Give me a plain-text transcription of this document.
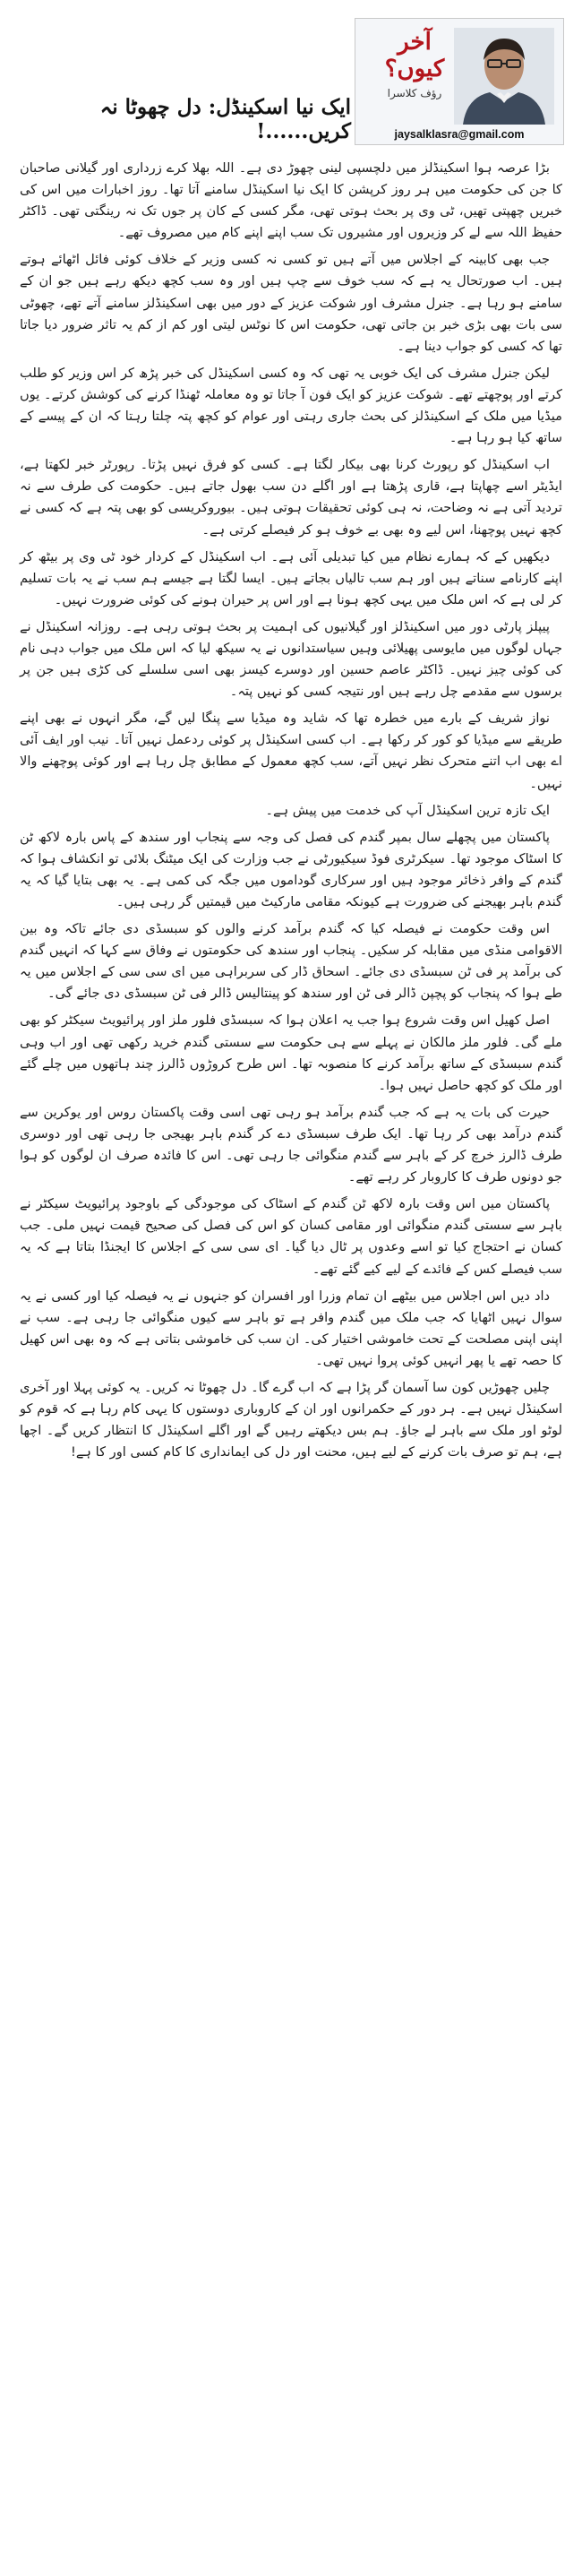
آخر کیوں؟
رؤف کلاسرا
jaysalklasra@gmail.com
ایک نیا اسکینڈل: دل چھوٹا نہ کریں......!

بڑا عرصہ ہوا اسکینڈلز میں دلچسپی لینی چھوڑ دی ہے۔ اللہ بھلا کرے زرداری اور گیلانی صاحبان کا جن کی حکومت میں ہر روز کرپشن کا ایک نیا اسکینڈل سامنے آتا تھا۔ روز اخبارات میں اس کی خبریں چھپتی تھیں، ٹی وی پر بحث ہوتی تھی، مگر کسی کے کان پر جوں تک نہ رینگتی تھی۔ ڈاکٹر حفیظ اللہ سے لے کر وزیروں اور مشیروں تک سب اپنے اپنے کام میں مصروف تھے۔

جب بھی کابینہ کے اجلاس میں آتے ہیں تو کسی نہ کسی وزیر کے خلاف کوئی فائل اٹھائے ہوتے ہیں۔ اب صورتحال یہ ہے کہ سب خوف سے چپ ہیں اور وہ سب کچھ دیکھ رہے ہیں جو ان کے سامنے ہو رہا ہے۔ جنرل مشرف اور شوکت عزیز کے دور میں بھی اسکینڈلز سامنے آتے تھے، چھوٹی سی بات بھی بڑی خبر بن جاتی تھی، حکومت اس کا نوٹس لیتی اور کم از کم یہ تاثر ضرور دیا جاتا تھا کہ کسی کو جواب دینا ہے۔

لیکن جنرل مشرف کی ایک خوبی یہ تھی کہ وہ کسی اسکینڈل کی خبر پڑھ کر اس وزیر کو طلب کرتے اور پوچھتے تھے۔ شوکت عزیز کو ایک فون آ جاتا تو وہ معاملہ ٹھنڈا کرنے کی کوشش کرتے۔ یوں میڈیا میں ملک کے اسکینڈلز کی بحث جاری رہتی اور عوام کو کچھ پتہ چلتا رہتا کہ ان کے پیسے کے ساتھ کیا ہو رہا ہے۔

اب اسکینڈل کو رپورٹ کرنا بھی بیکار لگتا ہے۔ کسی کو فرق نہیں پڑتا۔ رپورٹر خبر لکھتا ہے، ایڈیٹر اسے چھاپتا ہے، قاری پڑھتا ہے اور اگلے دن سب بھول جاتے ہیں۔ حکومت کی طرف سے نہ تردید آتی ہے نہ وضاحت، نہ ہی کوئی تحقیقات ہوتی ہیں۔ بیوروکریسی کو بھی پتہ ہے کہ کسی نے کچھ نہیں پوچھنا، اس لیے وہ بھی بے خوف ہو کر فیصلے کرتی ہے۔

دیکھیں کے کہ ہمارے نظام میں کیا تبدیلی آئی ہے۔ اب اسکینڈل کے کردار خود ٹی وی پر بیٹھ کر اپنے کارنامے سناتے ہیں اور ہم سب تالیاں بجاتے ہیں۔ ایسا لگتا ہے جیسے ہم سب نے یہ بات تسلیم کر لی ہے کہ اس ملک میں یہی کچھ ہونا ہے اور اس پر حیران ہونے کی کوئی ضرورت نہیں۔

پیپلز پارٹی دور میں اسکینڈلز اور گیلانیوں کی اہمیت پر بحث ہوتی رہی ہے۔ روزانہ اسکینڈل نے جہاں لوگوں میں مایوسی پھیلائی وہیں سیاستدانوں نے یہ سیکھ لیا کہ اس ملک میں جواب دہی نام کی کوئی چیز نہیں۔ ڈاکٹر عاصم حسین اور دوسرے کیسز بھی اسی سلسلے کی کڑی ہیں جن پر برسوں سے مقدمے چل رہے ہیں اور نتیجہ کسی کو نہیں پتہ۔

نواز شریف کے بارے میں خطرہ تھا کہ شاید وہ میڈیا سے پنگا لیں گے، مگر انہوں نے بھی اپنے طریقے سے میڈیا کو کور کر رکھا ہے۔ اب کسی اسکینڈل پر کوئی ردعمل نہیں آتا۔ نیب اور ایف آئی اے بھی اب اتنے متحرک نظر نہیں آتے، سب کچھ معمول کے مطابق چل رہا ہے اور کوئی پوچھنے والا نہیں۔

ایک تازہ ترین اسکینڈل آپ کی خدمت میں پیش ہے۔

پاکستان میں پچھلے سال بمپر گندم کی فصل کی وجہ سے پنجاب اور سندھ کے پاس بارہ لاکھ ٹن کا اسٹاک موجود تھا۔ سیکرٹری فوڈ سیکیورٹی نے جب وزارت کی ایک میٹنگ بلائی تو انکشاف ہوا کہ گندم کے وافر ذخائر موجود ہیں اور سرکاری گوداموں میں جگہ کی کمی ہے۔ یہ بھی بتایا گیا کہ یہ گندم باہر بھیجنے کی ضرورت ہے کیونکہ مقامی مارکیٹ میں قیمتیں گر رہی ہیں۔

اس وقت حکومت نے فیصلہ کیا کہ گندم برآمد کرنے والوں کو سبسڈی دی جائے تاکہ وہ بین الاقوامی منڈی میں مقابلہ کر سکیں۔ پنجاب اور سندھ کی حکومتوں نے وفاق سے کہا کہ انہیں گندم کی برآمد پر فی ٹن سبسڈی دی جائے۔ اسحاق ڈار کی سربراہی میں ای سی سی کے اجلاس میں یہ طے ہوا کہ پنجاب کو پچپن ڈالر فی ٹن اور سندھ کو پینتالیس ڈالر فی ٹن سبسڈی دی جائے گی۔

اصل کھیل اس وقت شروع ہوا جب یہ اعلان ہوا کہ سبسڈی فلور ملز اور پرائیویٹ سیکٹر کو بھی ملے گی۔ فلور ملز مالکان نے پہلے سے ہی حکومت سے سستی گندم خرید رکھی تھی اور اب وہی گندم سبسڈی کے ساتھ برآمد کرنے کا منصوبہ تھا۔ اس طرح کروڑوں ڈالرز چند ہاتھوں میں چلے گئے اور ملک کو کچھ حاصل نہیں ہوا۔

حیرت کی بات یہ ہے کہ جب گندم برآمد ہو رہی تھی اسی وقت پاکستان روس اور یوکرین سے گندم درآمد بھی کر رہا تھا۔ ایک طرف سبسڈی دے کر گندم باہر بھیجی جا رہی تھی اور دوسری طرف ڈالرز خرچ کر کے باہر سے گندم منگوائی جا رہی تھی۔ اس کا فائدہ صرف ان لوگوں کو ہوا جو دونوں طرف کا کاروبار کر رہے تھے۔

پاکستان میں اس وقت بارہ لاکھ ٹن گندم کے اسٹاک کی موجودگی کے باوجود پرائیویٹ سیکٹر نے باہر سے سستی گندم منگوائی اور مقامی کسان کو اس کی فصل کی صحیح قیمت نہیں ملی۔ جب کسان نے احتجاج کیا تو اسے وعدوں پر ٹال دیا گیا۔ ای سی سی کے اجلاس کا ایجنڈا بتاتا ہے کہ یہ سب فیصلے کس کے فائدے کے لیے کیے گئے تھے۔

داد دیں اس اجلاس میں بیٹھے ان تمام وزرا اور افسران کو جنہوں نے یہ فیصلہ کیا اور کسی نے یہ سوال نہیں اٹھایا کہ جب ملک میں گندم وافر ہے تو باہر سے کیوں منگوائی جا رہی ہے۔ سب نے اپنی اپنی مصلحت کے تحت خاموشی اختیار کی۔ ان سب کی خاموشی بتاتی ہے کہ وہ بھی اس کھیل کا حصہ تھے یا پھر انہیں کوئی پروا نہیں تھی۔

چلیں چھوڑیں کون سا آسمان گر پڑا ہے کہ اب گرے گا۔ دل چھوٹا نہ کریں۔ یہ کوئی پہلا اور آخری اسکینڈل نہیں ہے۔ ہر دور کے حکمرانوں اور ان کے کاروباری دوستوں کا یہی کام رہا ہے کہ قوم کو لوٹو اور ملک سے باہر لے جاؤ۔ ہم بس دیکھتے رہیں گے اور اگلے اسکینڈل کا انتظار کریں گے۔ اچھا ہے، ہم تو صرف بات کرنے کے لیے ہیں، محنت اور دل کی ایمانداری کا کام کسی اور کا ہے!
